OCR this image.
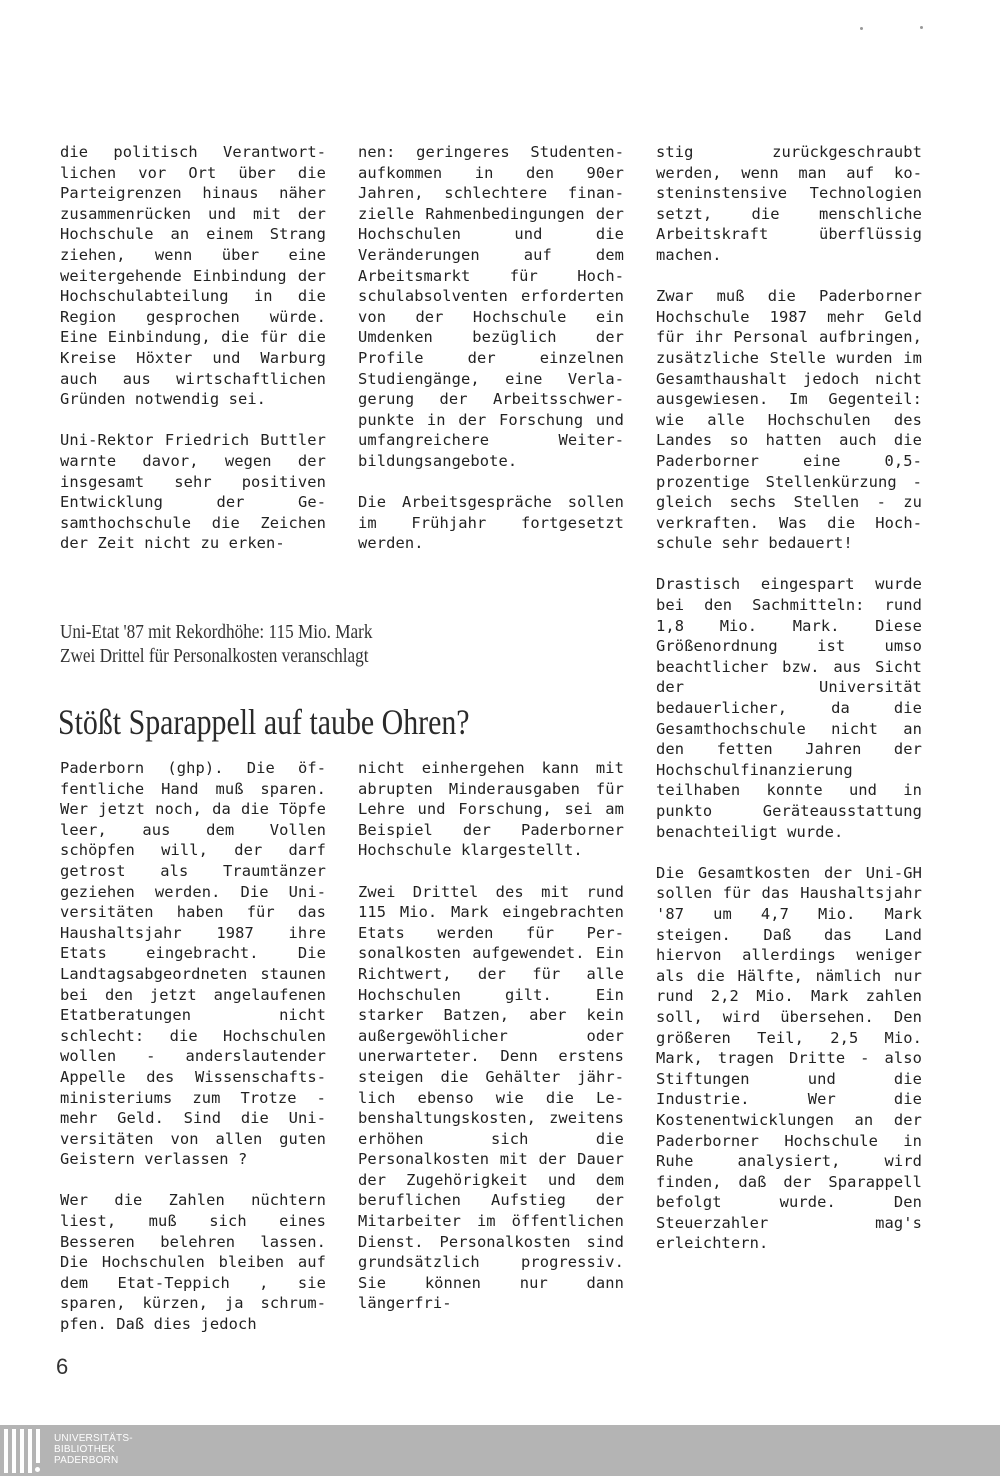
die politisch Verantwortlichen vor Ort über die Parteigrenzen hinaus näher zusammenrücken und mit der Hochschule an einem Strang ziehen, wenn über eine weitergehende Einbindung der Hochschulabteilung in die Region gesprochen würde. Eine Einbindung, die für die Kreise Höxter und Warburg auch aus wirtschaftlichen Gründen notwendig sei.

Uni-Rektor Friedrich Buttler warnte davor, wegen der insgesamt sehr positiven Entwicklung der Gesamthochschule die Zeichen der Zeit nicht zu erken-

nen: geringeres Studentenaufkommen in den 90er Jahren, schlechtere finanzielle Rahmenbedingungen der Hochschulen und die Veränderungen auf dem Arbeitsmarkt für Hochschulabsolventen erforderten von der Hochschule ein Umdenken bezüglich der Profile der einzelnen Studiengänge, eine Verlagerung der Arbeitsschwerpunkte in der Forschung und umfangreichere Weiterbildungsangebote.

Die Arbeitsgespräche sollen im Frühjahr fortgesetzt werden.

stig zurückgeschraubt werden, wenn man auf kosteninstensive Technologien setzt, die menschliche Arbeitskraft überflüssig machen.

Zwar muß die Paderborner Hochschule 1987 mehr Geld für ihr Personal aufbringen, zusätzliche Stelle wurden im Gesamthaushalt jedoch nicht ausgewiesen. Im Gegenteil: wie alle Hochschulen des Landes so hatten auch die Paderborner eine 0,5-prozentige Stellenkürzung - gleich sechs Stellen - zu verkraften. Was die Hochschule sehr bedauert!

Drastisch eingespart wurde bei den Sachmitteln: rund 1,8 Mio. Mark. Diese Größenordnung ist umso beachtlicher bzw. aus Sicht der Universität bedauerlicher, da die Gesamthochschule nicht an den fetten Jahren der Hochschulfinanzierung teilhaben konnte und in punkto Geräteausstattung benachteiligt wurde.

Die Gesamtkosten der Uni-GH sollen für das Haushaltsjahr '87 um 4,7 Mio. Mark steigen. Daß das Land hiervon allerdings weniger als die Hälfte, nämlich nur rund 2,2 Mio. Mark zahlen soll, wird übersehen. Den größeren Teil, 2,5 Mio. Mark, tragen Dritte - also Stiftungen und die Industrie. Wer die Kostenentwicklungen an der Paderborner Hochschule in Ruhe analysiert, wird finden, daß der Sparappell befolgt wurde. Den Steuerzahler mag's erleichtern.

Uni-Etat '87 mit Rekordhöhe: 115 Mio. Mark
Zwei Drittel für Personalkosten veranschlagt
Stößt Sparappell auf taube Ohren?

Paderborn (ghp). Die öffentliche Hand muß sparen. Wer jetzt noch, da die Töpfe leer, aus dem Vollen schöpfen will, der darf getrost als Traumtänzer geziehen werden. Die Universitäten haben für das Haushaltsjahr 1987 ihre Etats eingebracht. Die Landtagsabgeordneten staunen bei den jetzt angelaufenen Etatberatungen nicht schlecht: die Hochschulen wollen - anderslautender Appelle des Wissenschaftsministeriums zum Trotze - mehr Geld. Sind die Universitäten von allen guten Geistern verlassen ?

Wer die Zahlen nüchtern liest, muß sich eines Besseren belehren lassen. Die Hochschulen bleiben auf dem Etat-Teppich , sie sparen, kürzen, ja schrumpfen. Daß dies jedoch

nicht einhergehen kann mit abrupten Minderausgaben für Lehre und Forschung, sei am Beispiel der Paderborner Hochschule klargestellt.

Zwei Drittel des mit rund 115 Mio. Mark eingebrachten Etats werden für Personalkosten aufgewendet. Ein Richtwert, der für alle Hochschulen gilt. Ein starker Batzen, aber kein außergewöhlicher oder unerwarteter. Denn erstens steigen die Gehälter jährlich ebenso wie die Lebenshaltungskosten, zweitens erhöhen sich die Personalkosten mit der Dauer der Zugehörigkeit und dem beruflichen Aufstieg der Mitarbeiter im öffentlichen Dienst. Personalkosten sind grundsätzlich progressiv. Sie können nur dann längerfri-

6
UNIVERSITÄTS-
BIBLIOTHEK
PADERBORN
